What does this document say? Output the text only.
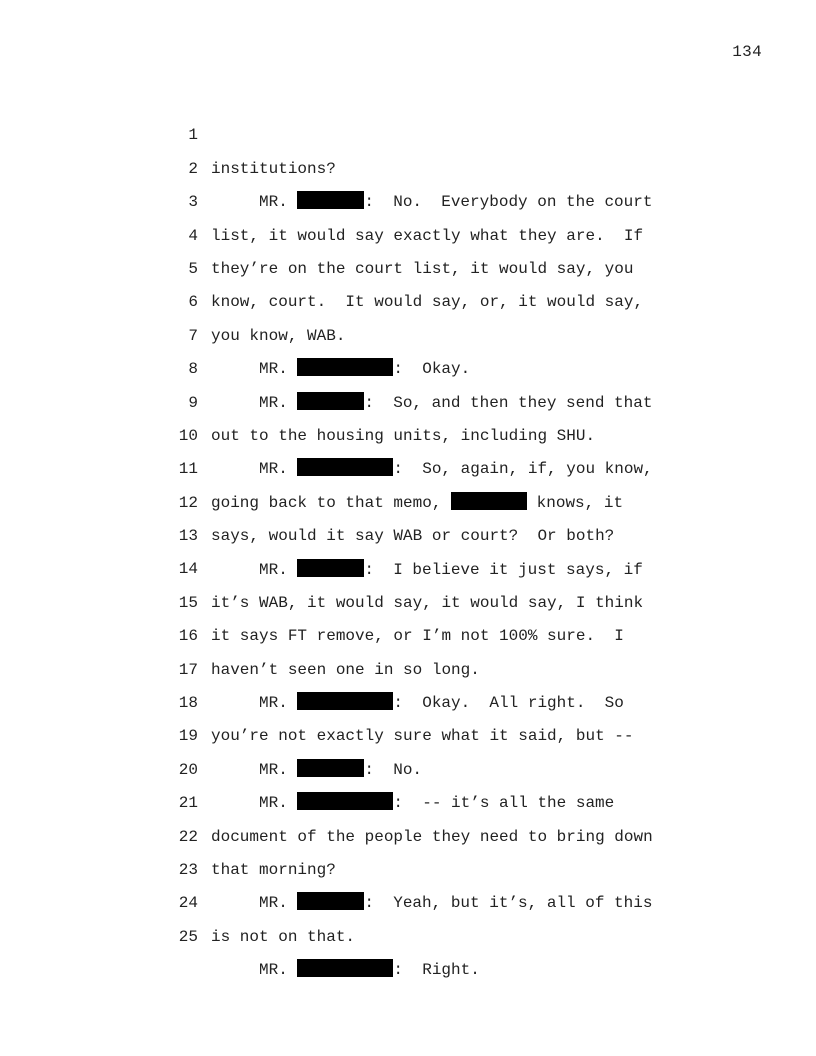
134

1

institutions?

2

MR.	:  No.  Everybody on the court

3

list, it would say exactly what they are.  If

4

they’re on the court list, it would say, you

5

know, court.  It would say, or, it would say,

6

you know, WAB.

7

MR.	:  Okay.

8

MR.	:  So, and then they send that

9

out to the housing units, including SHU.

10

MR.	:  So, again, if, you know,

11

going back to that memo,	knows, it

12

says, would it say WAB or court?  Or both?

13

MR.	:  I believe it just says, if

14

it’s WAB, it would say, it would say, I think

15

it says FT remove, or I’m not 100% sure.  I

16

haven’t seen one in so long.

17

MR.	:  Okay.  All right.  So

18

you’re not exactly sure what it said, but --

19

MR.	:  No.

20

MR.	:  -- it’s all the same

21

document of the people they need to bring down

22

that morning?

23

MR.	:  Yeah, but it’s, all of this

24

is not on that.

25

MR.	:  Right.
